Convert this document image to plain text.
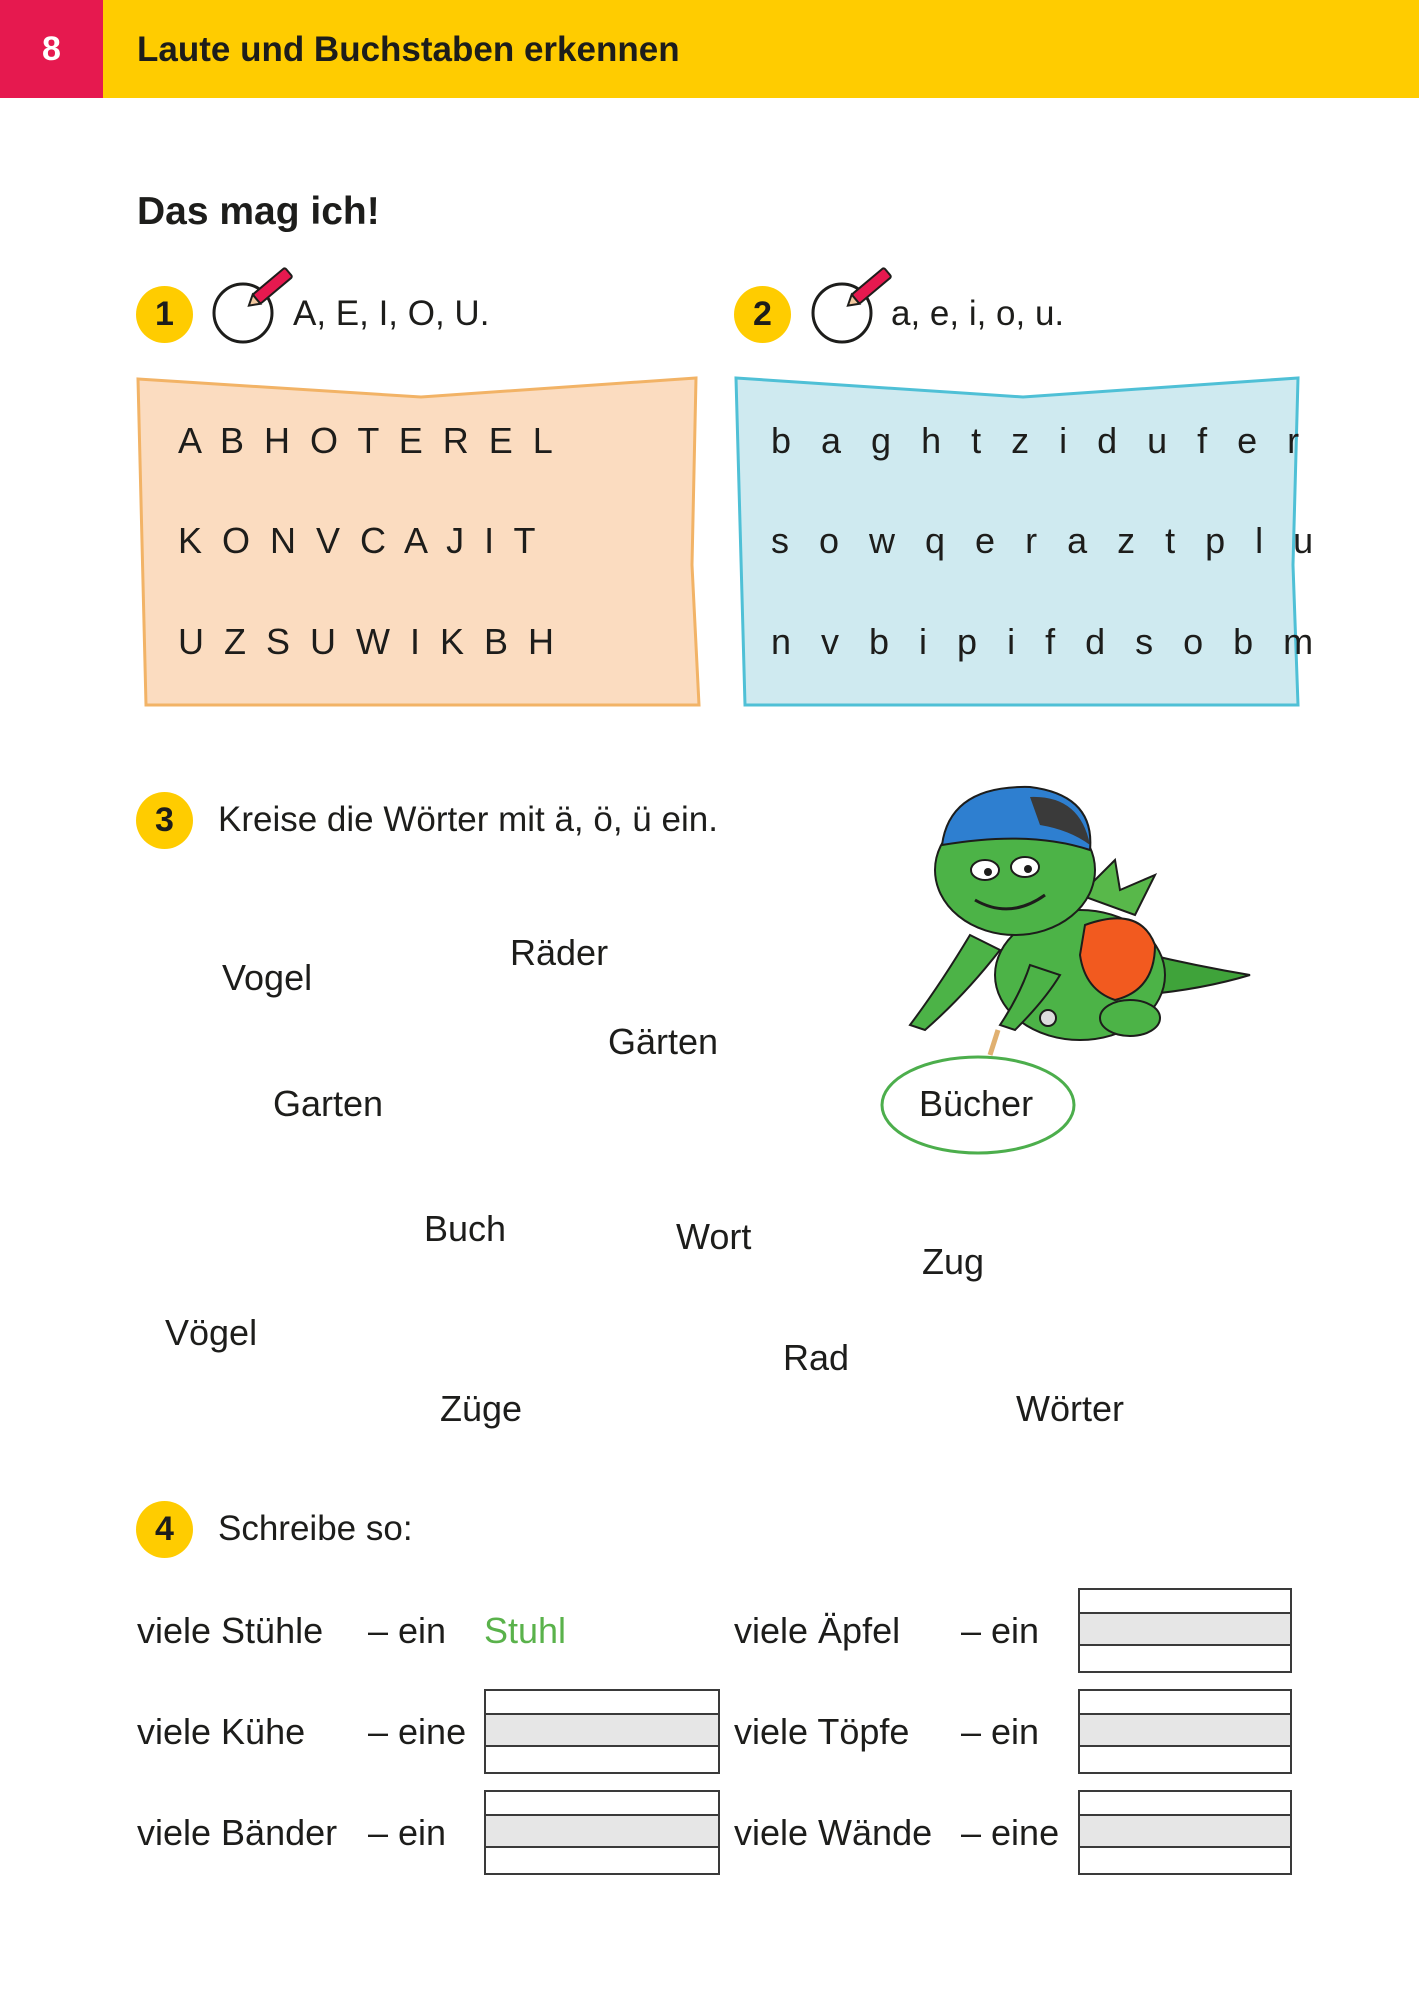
8	Laute und Buchstaben erkennen
Das mag ich!
1	A, E, I, O, U.
A  B  H  O  T  E  R  E  L
K  O  N  V  C  A  J  I  T
U  Z  S  U  W  I  K  B  H
2	a, e, i, o, u.
b a g h t z i d u f e r
s o w q e r a z t p l u
n v b i p i f d s o b m
3	Kreise die Wörter mit ä, ö, ü ein.
Vogel
Räder
Gärten
Garten	Bücher
Buch	Wort
Zug
Vögel
Rad
Züge	Wörter
4	Schreibe so:
viele Stühle – ein Stuhl	viele Äpfel – ein
viele Kühe – eine	viele Töpfe – ein
viele Bänder – ein	viele Wände – eine
